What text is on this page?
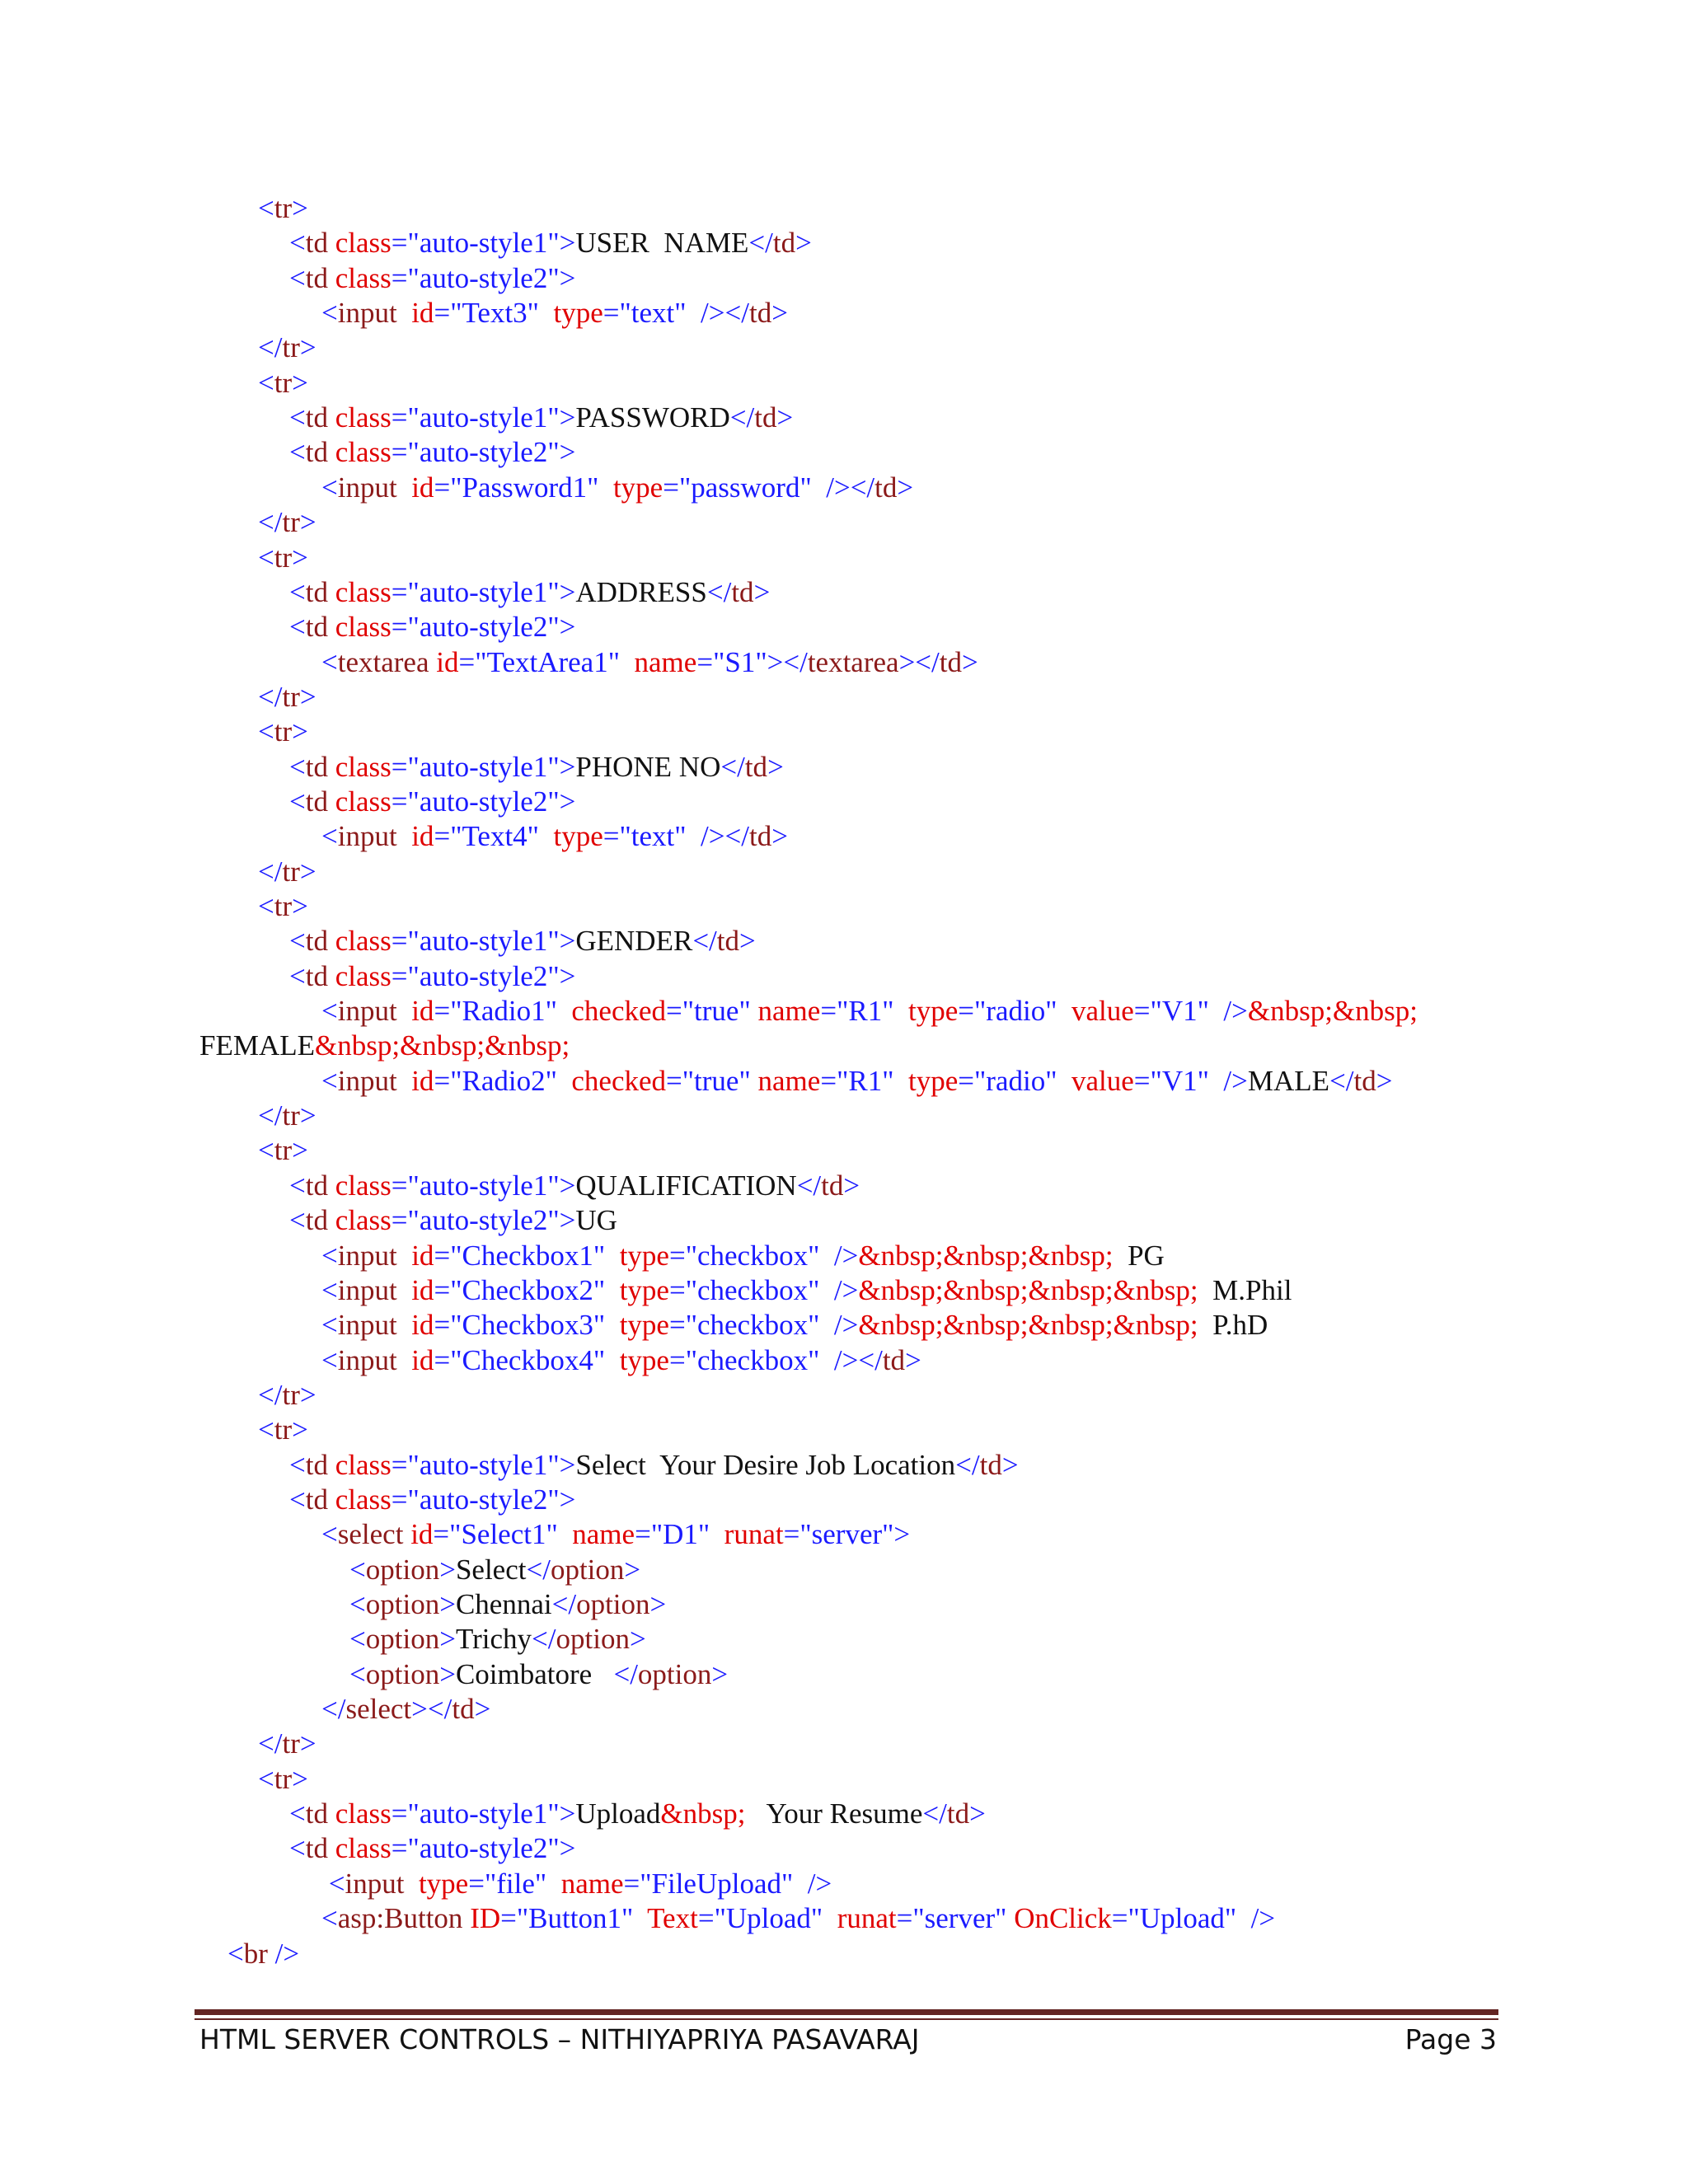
<tr>
<td class="auto-style1">USER  NAME</td>
<td class="auto-style2">
<input  id="Text3"  type="text"  /></td>
</tr>
<tr>
<td class="auto-style1">PASSWORD</td>
<td class="auto-style2">
<input  id="Password1"  type="password"  /></td>
</tr>
<tr>
<td class="auto-style1">ADDRESS</td>
<td class="auto-style2">
<textarea id="TextArea1"  name="S1"></textarea></td>
</tr>
<tr>
<td class="auto-style1">PHONE NO</td>
<td class="auto-style2">
<input  id="Text4"  type="text"  /></td>
</tr>
<tr>
<td class="auto-style1">GENDER</td>
<td class="auto-style2">
<input  id="Radio1"  checked="true" name="R1"  type="radio"  value="V1"  />&nbsp;&nbsp;
FEMALE&nbsp;&nbsp;&nbsp;
<input  id="Radio2"  checked="true" name="R1"  type="radio"  value="V1"  />MALE</td>
</tr>
<tr>
<td class="auto-style1">QUALIFICATION</td>
<td class="auto-style2">UG
<input  id="Checkbox1"  type="checkbox"  />&nbsp;&nbsp;&nbsp;  PG
<input  id="Checkbox2"  type="checkbox"  />&nbsp;&nbsp;&nbsp;&nbsp;  M.Phil
<input  id="Checkbox3"  type="checkbox"  />&nbsp;&nbsp;&nbsp;&nbsp;  P.hD
<input  id="Checkbox4"  type="checkbox"  /></td>
</tr>
<tr>
<td class="auto-style1">Select  Your Desire Job Location</td>
<td class="auto-style2">
<select id="Select1"  name="D1"  runat="server">
<option>Select</option>
<option>Chennai</option>
<option>Trichy</option>
<option>Coimbatore   </option>
</select></td>
</tr>
<tr>
<td class="auto-style1">Upload&nbsp;   Your Resume</td>
<td class="auto-style2">
<input  type="file"  name="FileUpload"  />
<asp:Button ID="Button1"  Text="Upload"  runat="server" OnClick="Upload"  />
<br />
HTML SERVER CONTROLS – NITHIYAPRIYA PASAVARAJ	Page 3
